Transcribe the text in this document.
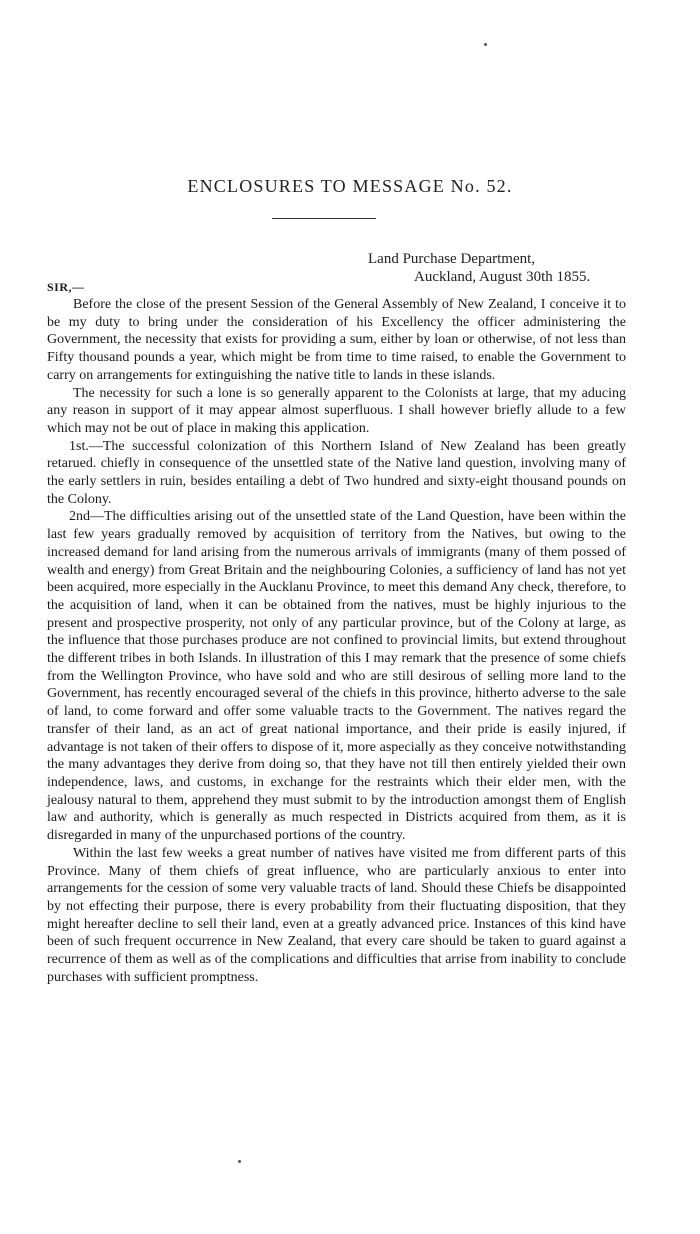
ENCLOSURES TO MESSAGE No. 52.
Land Purchase Department,
Auckland, August 30th 1855.
SIR,—

Before the close of the present Session of the General Assembly of New Zealand, I conceive it to be my duty to bring under the consideration of his Excellency the officer administering the Government, the necessity that exists for providing a sum, either by loan or otherwise, of not less than Fifty thousand pounds a year, which might be from time to time raised, to enable the Government to carry on arrangements for extinguishing the native title to lands in these islands.

The necessity for such a lone is so generally apparent to the Colonists at large, that my aducing any reason in support of it may appear almost superfluous. I shall however briefly allude to a few which may not be out of place in making this application.

1st.—The successful colonization of this Northern Island of New Zealand has been greatly retarued. chiefly in consequence of the unsettled state of the Native land question, involving many of the early settlers in ruin, besides entailing a debt of Two hundred and sixty-eight thousand pounds on the Colony.

2nd—The difficulties arising out of the unsettled state of the Land Question, have been within the last few years gradually removed by acquisition of territory from the Natives, but owing to the increased demand for land arising from the numerous arrivals of immigrants (many of them possed of wealth and energy) from Great Britain and the neighbouring Colonies, a sufficiency of land has not yet been acquired, more especially in the Aucklanu Province, to meet this demand Any check, therefore, to the acquisition of land, when it can be obtained from the natives, must be highly injurious to the present and prospective prosperity, not only of any particular province, but of the Colony at large, as the influence that those purchases produce are not confined to provincial limits, but extend throughout the different tribes in both Islands. In illustration of this I may remark that the presence of some chiefs from the Wellington Province, who have sold and who are still desirous of selling more land to the Government, has recently encouraged several of the chiefs in this province, hitherto adverse to the sale of land, to come forward and offer some valuable tracts to the Government. The natives regard the transfer of their land, as an act of great national importance, and their pride is easily injured, if advantage is not taken of their offers to dispose of it, more aspecially as they conceive notwithstanding the many advantages they derive from doing so, that they have not till then entirely yielded their own independence, laws, and customs, in exchange for the restraints which their elder men, with the jealousy natural to them, apprehend they must submit to by the introduction amongst them of English law and authority, which is generally as much respected in Districts acquired from them, as it is disregarded in many of the unpurchased portions of the country.

Within the last few weeks a great number of natives have visited me from different parts of this Province. Many of them chiefs of great influence, who are particularly anxious to enter into arrangements for the cession of some very valuable tracts of land. Should these Chiefs be disappointed by not effecting their purpose, there is every probability from their fluctuating disposition, that they might hereafter decline to sell their land, even at a greatly advanced price. Instances of this kind have been of such frequent occurrence in New Zealand, that every care should be taken to guard against a recurrence of them as well as of the complications and difficulties that arrise from inability to conclude purchases with sufficient promptness.
